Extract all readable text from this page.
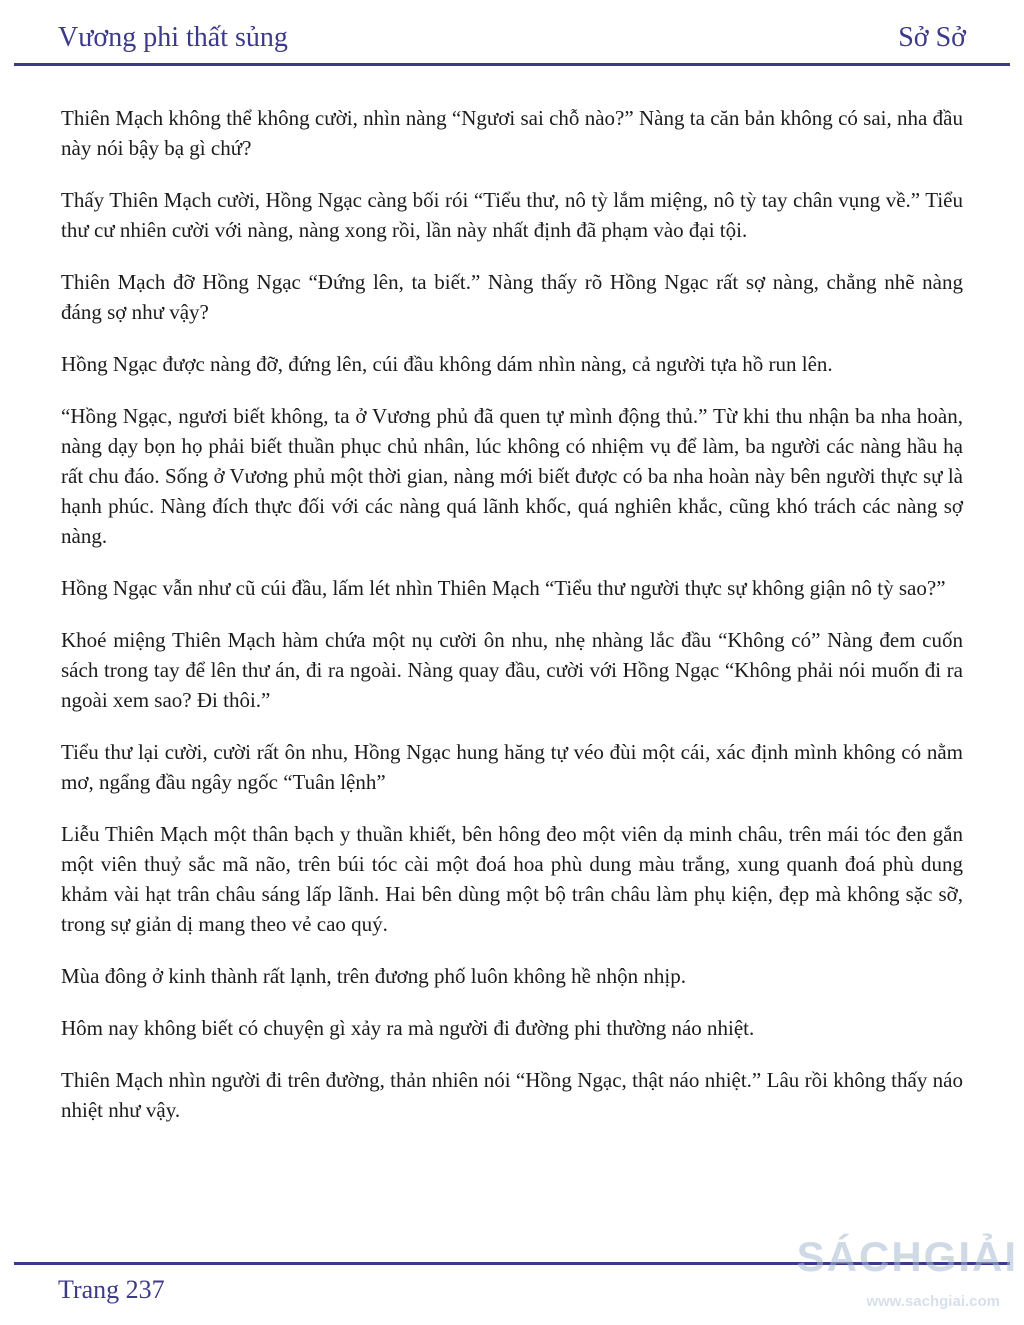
Vương phi thất sủng	Sở Sở

Thiên Mạch không thể không cười, nhìn nàng “Ngươi sai chỗ nào?” Nàng ta căn bản không có sai, nha đầu này nói bậy bạ gì chứ?

Thấy Thiên Mạch cười, Hồng Ngạc càng bối rói “Tiểu thư, nô tỳ lắm miệng, nô tỳ tay chân vụng về.” Tiểu thư cư nhiên cười với nàng, nàng xong rồi, lần này nhất định đã phạm vào đại tội.

Thiên Mạch đỡ Hồng Ngạc “Đứng lên, ta biết.” Nàng thấy rõ Hồng Ngạc rất sợ nàng, chẳng nhẽ nàng đáng sợ như vậy?

Hồng Ngạc được nàng đỡ, đứng lên, cúi đầu không dám nhìn nàng, cả người tựa hồ run lên.

“Hồng Ngạc, ngươi biết không, ta ở Vương phủ đã quen tự mình động thủ.” Từ khi thu nhận ba nha hoàn, nàng dạy bọn họ phải biết thuần phục chủ nhân, lúc không có nhiệm vụ để làm, ba người các nàng hầu hạ rất chu đáo. Sống ở Vương phủ một thời gian, nàng mới biết được có ba nha hoàn này bên người thực sự là hạnh phúc. Nàng đích thực đối với các nàng quá lãnh khốc, quá nghiên khắc, cũng khó trách các nàng sợ nàng.

Hồng Ngạc vẫn như cũ cúi đầu, lấm lét nhìn Thiên Mạch “Tiểu thư người thực sự không giận nô tỳ sao?”

Khoé miệng Thiên Mạch hàm chứa một nụ cười ôn nhu, nhẹ nhàng lắc đầu “Không có” Nàng đem cuốn sách trong tay để lên thư án, đi ra ngoài. Nàng quay đầu, cười với Hồng Ngạc “Không phải nói muốn đi ra ngoài xem sao? Đi thôi.”

Tiểu thư lại cười, cười rất ôn nhu, Hồng Ngạc hung hăng tự véo đùi một cái, xác định mình không có nằm mơ, ngẩng đầu ngây ngốc “Tuân lệnh”

Liễu Thiên Mạch một thân bạch y thuần khiết, bên hông đeo một viên dạ minh châu, trên mái tóc đen gắn một viên thuỷ sắc mã não, trên búi tóc cài một đoá hoa phù dung màu trắng, xung quanh đoá phù dung khảm vài hạt trân châu sáng lấp lãnh. Hai bên dùng một bộ trân châu làm phụ kiện, đẹp mà không sặc sỡ, trong sự giản dị mang theo vẻ cao quý.

Mùa đông ở kinh thành rất lạnh, trên đương phố luôn không hề nhộn nhịp.

Hôm nay không biết có chuyện gì xảy ra mà người đi đường phi thường náo nhiệt.

Thiên Mạch nhìn người đi trên đường, thản nhiên nói “Hồng Ngạc, thật náo nhiệt.” Lâu rồi không thấy náo nhiệt như vậy.

Trang 237
SÁCHGIẢI
www.sachgiai.com
